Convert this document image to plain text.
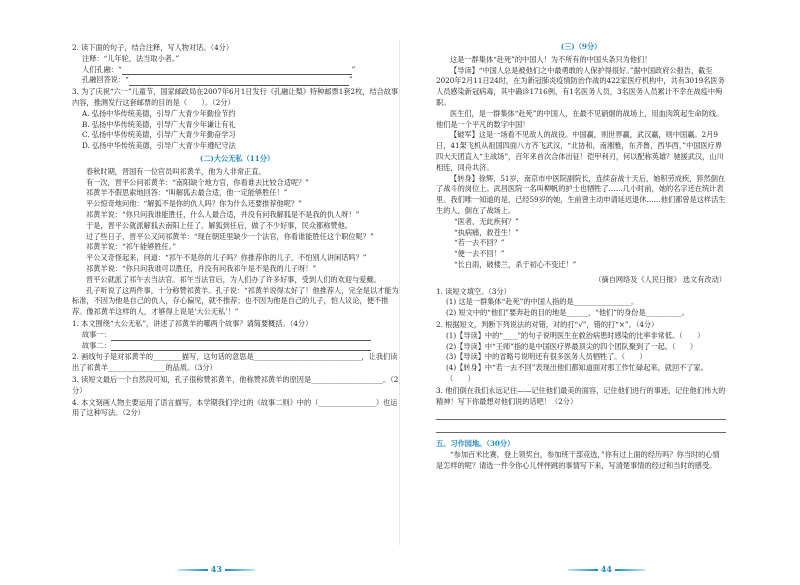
2. 读下面的句子，结合注释，写人物对话。（4分）

注释：“儿年轮，法当取小者。”

人们孔融：“	”

孔融回答说：“	”

3. 为了庆祝“六一”儿童节，国家邮政局在2007年6月1日发行《孔融让梨》特种邮票1套2枚，结合故事内容，推测发行这套邮票的目的是（　　）。（2分）

A. 弘扬中华传统美德，引导广大青少年勤俭节约

B. 弘扬中华传统美德，引导广大青少年谦让有礼

C. 弘扬中华传统美德，引导广大青少年勤奋学习

D. 弘扬中华传统美德，引导广大青少年遵纪守法

(二)大公无私（11分）

春秋时期，晋国有一位官员叫祁黄羊，他为人非常正直。

有一次，晋平公问祁黄羊：“南阳缺个地方官，你看谁去比较合适呢？”

祁黄羊不假思索地回答：“叫解狐去最合适，他一定能够胜任！”

平公惊奇地问他：“解狐不是你的仇人吗？你为什么还要推荐他呢？”

祁黄羊说：“你只问我谁能胜任，什么人最合适，并没有问我解狐是不是我的仇人呀！”

于是，晋平公就派解狐去南阳上任了。解狐到任后，做了不少好事，民众都称赞他。

过了些日子，晋平公又问祁黄羊：“现在朝廷里缺少一个法官，你看谁能胜任这个职位呢？”

祁黄羊说：“祁午能够胜任。”

平公又奇怪起来，问道：“祁午不是你的儿子吗？你推荐你的儿子，不怕别人讲闲话吗？”

祁黄羊说：“你只问我谁可以胜任，并没有问我祁午是不是我的儿子呀！”

晋平公就派了祁午去当法官。祁午当法官后，为人们办了许多好事，受到人们的欢迎与爱戴。

孔子听说了这两件事，十分称赞祁黄羊。孔子说：“祁黄羊说得太好了！他推荐人，完全是以才能为标准，不因为他是自己的仇人，存心偏见，就不推荐；也不因为他是自己的儿子，怕人议论，便不推荐。像祁黄羊这样的人，才够得上说是‘大公无私’！”

1. 本文围绕“大公无私”，讲述了祁黄羊的哪两个故事？请简要概括。（4分）

故事一：

故事二：

2. 画线句子是对祁黄羊的________描写，这句话的意思是______________________________，让我们读出了祁黄羊________________的品质。（3分）

3. 读短文最后一个自然段可知，孔子很称赞祁黄羊，他称赞祁黄羊的原因是____________________。（2分）

4. 本文刻画人物主要运用了语言描写，本学期我们学过的《故事二则》中的（________________）也运用了这种写法。（2分）

43

(三)（9分）

这是一群集体“赴死”的中国人！为不所有的中国头条只为他们！

【导读】“中国人总是被他们之中最勇敢的人保护得很好。”据中国政府公报告，截至2020年2月11日24时，在为新冠肺炎疫情防治作战的422家医疗机构中，共有3019名医务人员感染新冠病毒，其中确诊1716例，有1名医务人员，3名医务人员累计不幸在战疫中殉职。

医生们，是一群集体“赴死”的中国人，在最不见硝烟的战场上，用血肉筑起生命防线。他们是一个平凡的数字中国！

【破军】这是一场看不见敌人的战役。中国赢，则世界赢，武汉赢，则中国赢。2月9日，41架飞机从祖国四面八方齐飞武汉，“北协和，南湘雅，东齐鲁，西华西，”中国医疗界四大天团直入“主战场”，百年来首次合体出征！铠甲利刃，何以配称英雄？驰援武汉，山川相连，同舟共济。

【转身】徐辉，51岁，南京市中医院副院长，连续奋战十天后，她积劳成疾，猝然倒在了战斗的岗位上。武昌医院一名叫柳帆的护士也牺牲了……几小时前，她的名字还在统计表里。我们唯一知道的是，已经59岁的她，生前曾主动申请延迟退休……他们都曾是这样活生生的人，倒在了战场上。

“医者，无此疾何？”

“执病痛，救苍生！”

“若一去不回？”

“便一去不回！”

“长白雨，破楼兰，杀于初心不变迁！”

（摘自网络及《人民日报》 选文有改动）

1. 读短文填空。（3分）

(1) 这是一群集体“赴死”的中国人指的是________________。

(2) 短文中的“他们”要奔赴的目的地是______，“他们”的身份是__________。

2. 根据短文，判断下列说法的对错，对的打“√”，错的打“×”。（4分）

(1)【导读】中的“____”的句子说明医生在救治病患时感染的比率非常低。（　　）

(2)【导读】中“王师”指的是中国医疗界最顶尖的四个团队聚到了一起。（　　）

(3)【导读】中的省略号说明还有很多医务人员牺牲了。（　　）

(4)【转身】中“若一去不回”表现出他们都知道面对那工作忙碌起来，就回不了家。（　　）

3. 他们倒在我们永远记住——记住他们最美的面容，记住他们进行的事迹，记住他们伟大的精神！写下你最想对他们说的话吧！（2分）

五、习作园地。（30分）

“参加百米比赛，登上领奖台，参加班干部竞选，”你有过上面的经历吗？你当时的心情是怎样的呢？请选一件令你心儿怦怦跳的事情写下来，写清楚事情的经过和当时的感受。

44
